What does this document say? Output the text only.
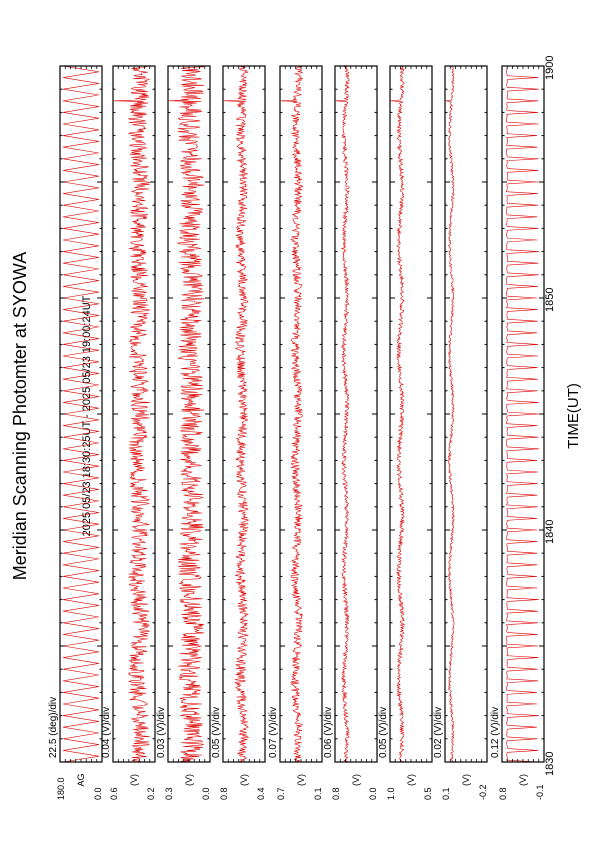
Meridian Scanning Photomter at SYOWA	2025 05/23 18:30:25UT - 2025 05/23 19:00:24UT	TIME(UT)
22.5 (deg)/div
180.0	0.0
AG
0.04 (V)/div
0.6	0.2
(V)
0.03 (V)/div
0.3	0.0
(V)
0.05 (V)/div
0.8	0.4
(V)
0.07 (V)/div
0.7	0.1
(V)
0.06 (V)/div
0.8	0.0
(V)
0.05 (V)/div
1.0	0.5
(V)
0.02 (V)/div
0.1	-0.2
(V)
0.12 (V)/div
0.8	-0.1
(V)
1830
1840
1850
1900
